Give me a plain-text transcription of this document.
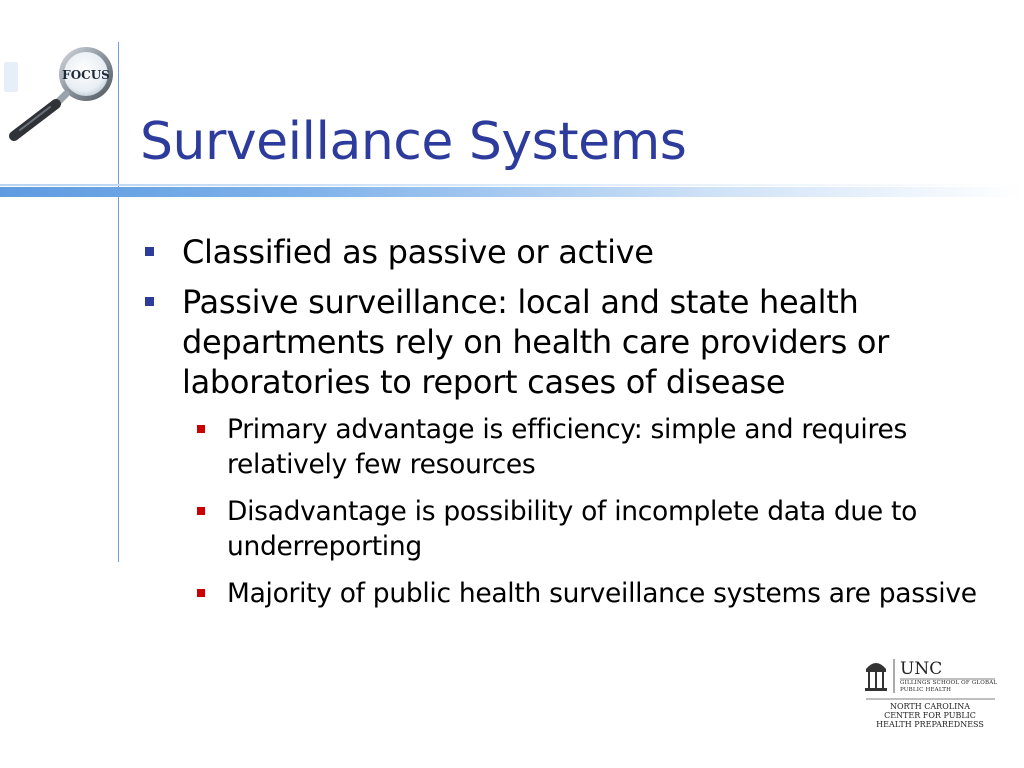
FOCUS
Surveillance Systems
Classified as passive or active
Passive surveillance: local and state health departments rely on health care providers or laboratories to report cases of disease
Primary advantage is efficiency: simple and requires relatively few resources
Disadvantage is possibility of incomplete data due to underreporting
Majority of public health surveillance systems are passive
UNC
GILLINGS SCHOOL OF GLOBAL PUBLIC HEALTH
NORTH CAROLINA
CENTER FOR PUBLIC
HEALTH PREPAREDNESS
